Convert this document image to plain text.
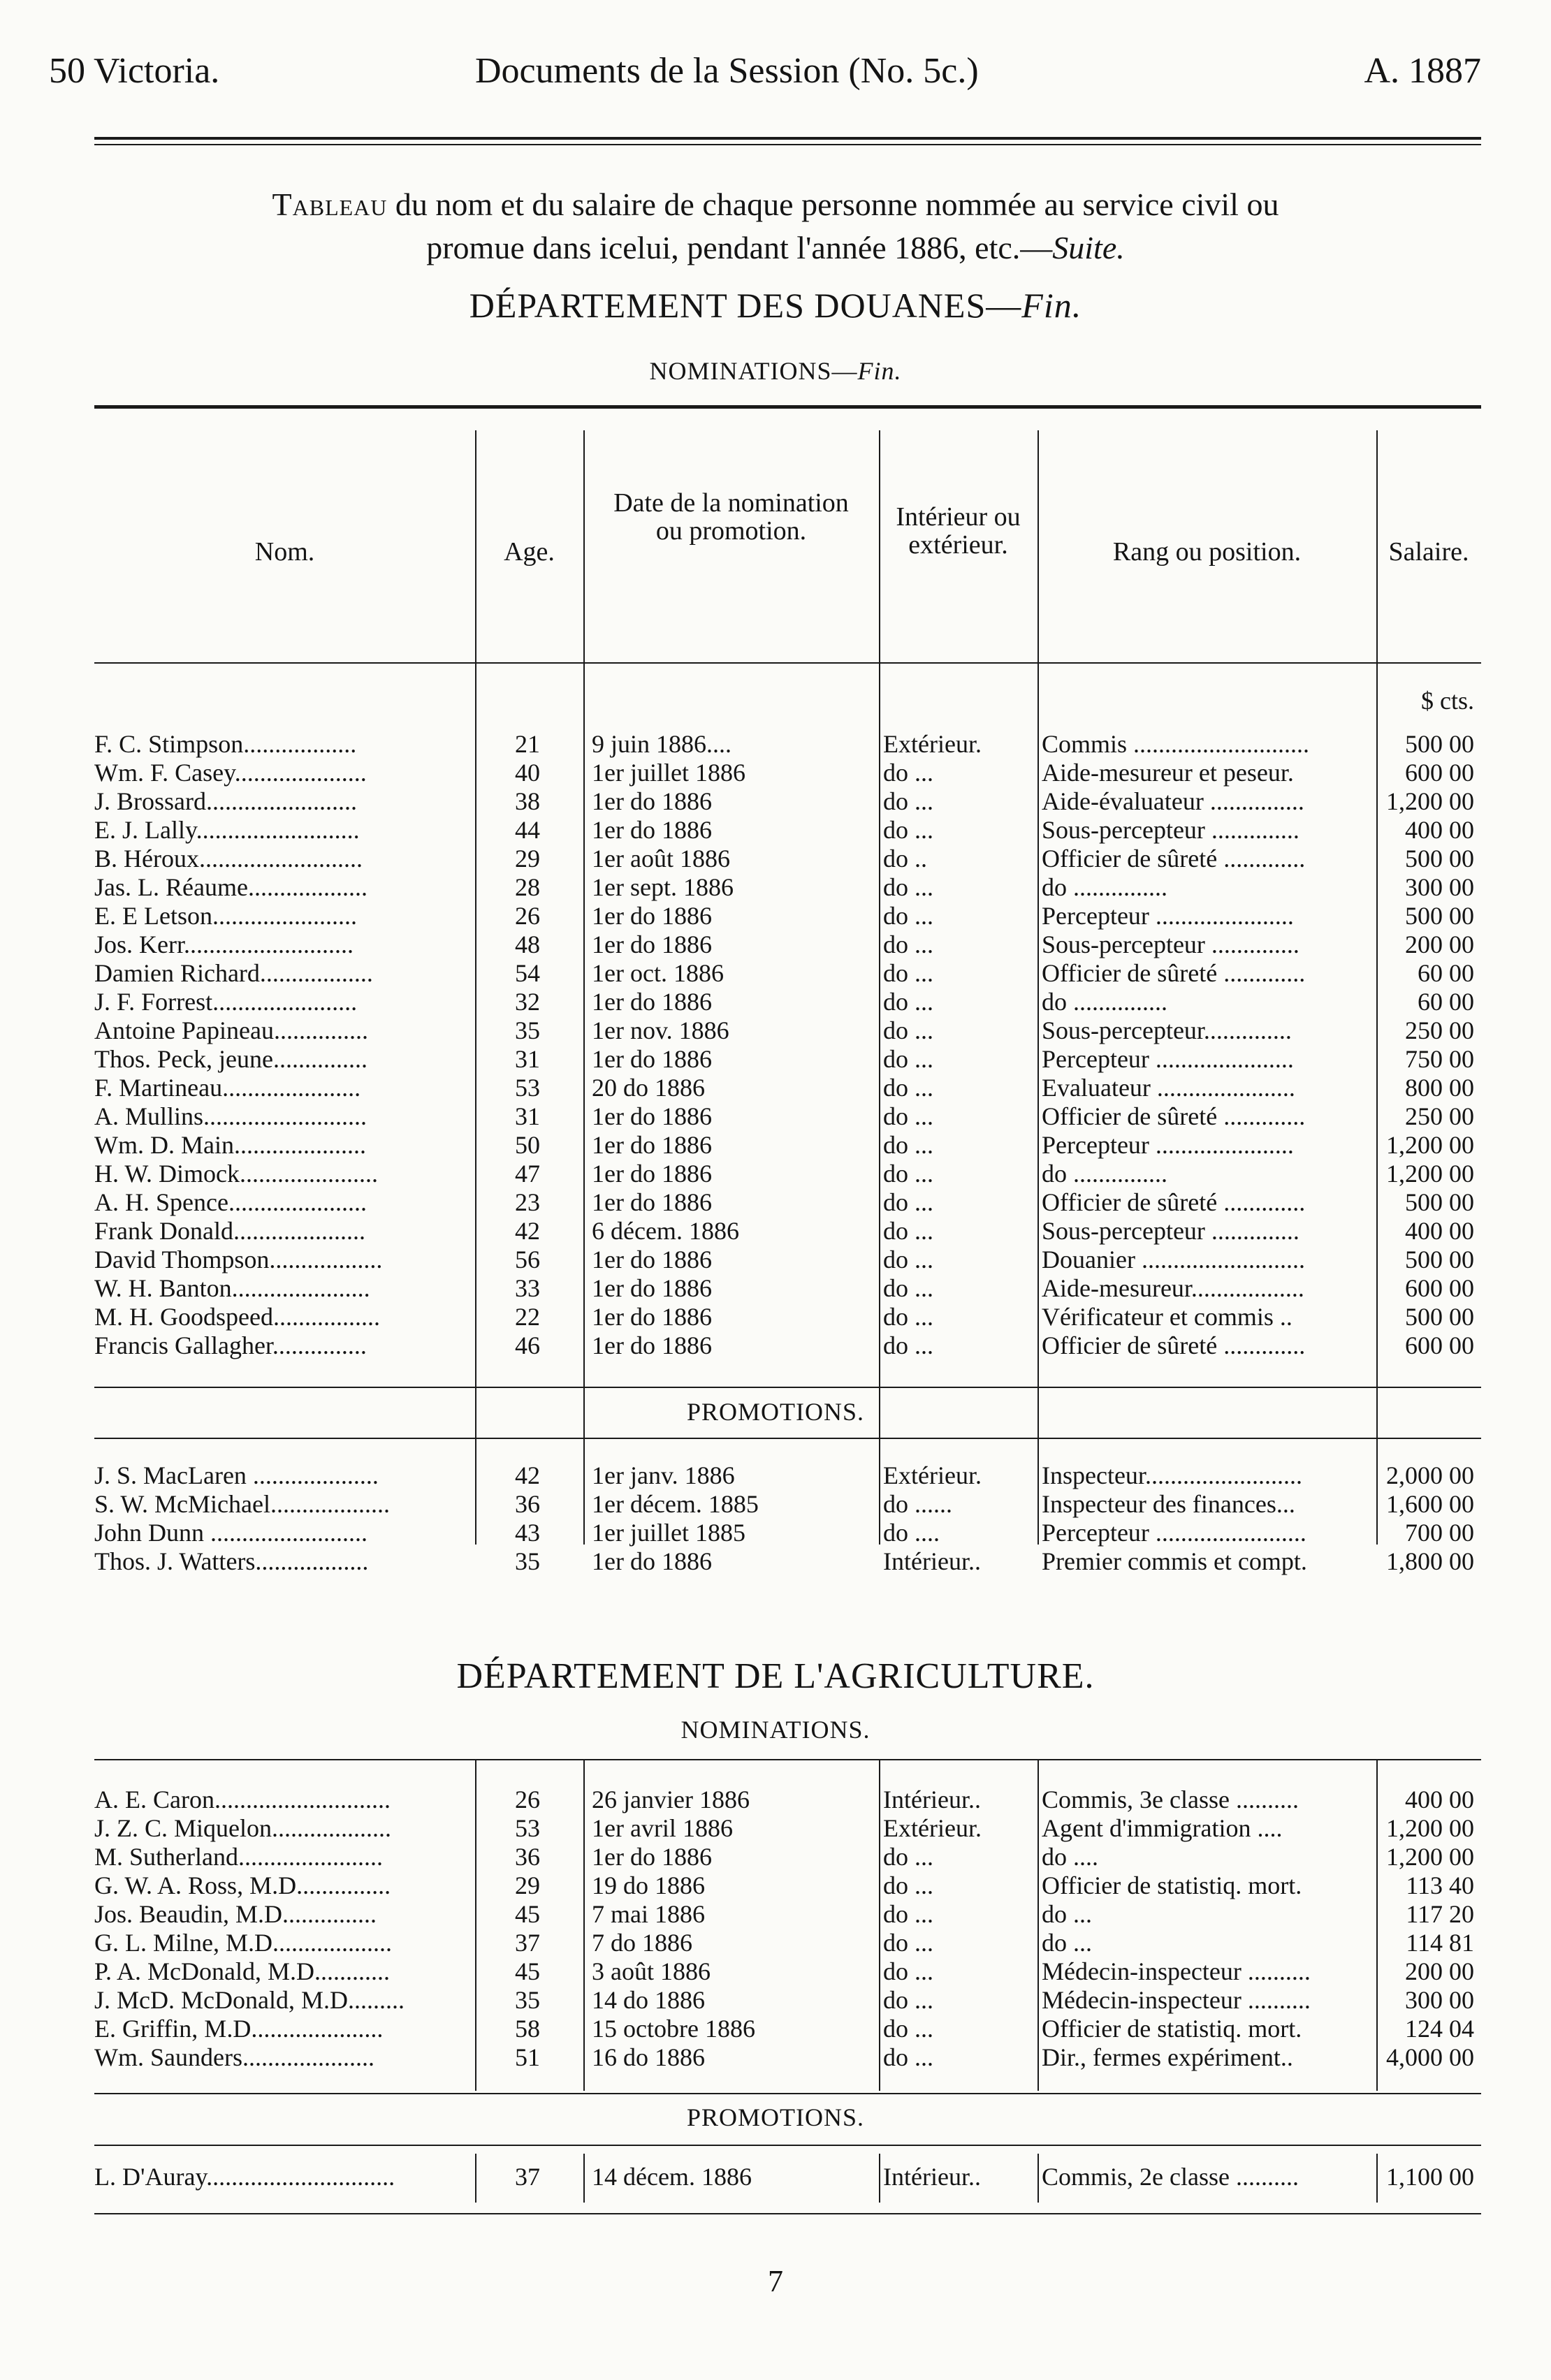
50 Victoria.	Documents de la Session (No. 5c.)	A. 1887
Tableau du nom et du salaire de chaque personne nommée au service civil ou
promue dans icelui, pendant l'année 1886, etc.—Suite.
DÉPARTEMENT DES DOUANES—Fin.
NOMINATIONS—Fin.
Nom.	Age.
Date de la nomination ou promotion.	Intérieur ou extérieur.	Rang ou position.	Salaire.
$ cts.
F. C. Stimpson..................	21	9 juin 1886....	Extérieur.	Commis ............................	500 00
Wm. F. Casey.....................	40	1er juillet 1886	do ...	Aide-mesureur et peseur.	600 00
J. Brossard........................	38	1er do 1886	do ...	Aide-évaluateur ...............	1,200 00
E. J. Lally..........................	44	1er do 1886	do ...	Sous-percepteur ..............	400 00
B. Héroux..........................	29	1er août 1886	do ..	Officier de sûreté .............	500 00
Jas. L. Réaume...................	28	1er sept. 1886	do ...	do ...............	300 00
E. E Letson.......................	26	1er do 1886	do ...	Percepteur ......................	500 00
Jos. Kerr...........................	48	1er do 1886	do ...	Sous-percepteur ..............	200 00
Damien Richard..................	54	1er oct. 1886	do ...	Officier de sûreté .............	60 00
J. F. Forrest.......................	32	1er do 1886	do ...	do ...............	60 00
Antoine Papineau...............	35	1er nov. 1886	do ...	Sous-percepteur..............	250 00
Thos. Peck, jeune...............	31	1er do 1886	do ...	Percepteur ......................	750 00
F. Martineau......................	53	20 do 1886	do ...	Evaluateur ......................	800 00
A. Mullins..........................	31	1er do 1886	do ...	Officier de sûreté .............	250 00
Wm. D. Main.....................	50	1er do 1886	do ...	Percepteur ......................	1,200 00
H. W. Dimock......................	47	1er do 1886	do ...	do ...............	1,200 00
A. H. Spence......................	23	1er do 1886	do ...	Officier de sûreté .............	500 00
Frank Donald.....................	42	6 décem. 1886	do ...	Sous-percepteur ..............	400 00
David Thompson..................	56	1er do 1886	do ...	Douanier ..........................	500 00
W. H. Banton......................	33	1er do 1886	do ...	Aide-mesureur..................	600 00
M. H. Goodspeed.................	22	1er do 1886	do ...	Vérificateur et commis ..	500 00
Francis Gallagher...............	46	1er do 1886	do ...	Officier de sûreté .............	600 00
PROMOTIONS.
J. S. MacLaren ....................	42	1er janv. 1886	Extérieur.	Inspecteur.........................	2,000 00
S. W. McMichael...................	36	1er décem. 1885	do ......	Inspecteur des finances...	1,600 00
John Dunn .........................	43	1er juillet 1885	do ....	Percepteur ........................	700 00
Thos. J. Watters..................	35	1er do 1886	Intérieur..	Premier commis et compt.	1,800 00
DÉPARTEMENT DE L'AGRICULTURE.
NOMINATIONS.
A. E. Caron............................	26	26 janvier 1886	Intérieur..	Commis, 3e classe ..........	400 00
J. Z. C. Miquelon...................	53	1er avril 1886	Extérieur.	Agent d'immigration ....	1,200 00
M. Sutherland.......................	36	1er do 1886	do ...	do ....	1,200 00
G. W. A. Ross, M.D...............	29	19 do 1886	do ...	Officier de statistiq. mort.	113 40
Jos. Beaudin, M.D...............	45	7 mai 1886	do ...	do ...	117 20
G. L. Milne, M.D...................	37	7 do 1886	do ...	do ...	114 81
P. A. McDonald, M.D............	45	3 août 1886	do ...	Médecin-inspecteur ..........	200 00
J. McD. McDonald, M.D.........	35	14 do 1886	do ...	Médecin-inspecteur ..........	300 00
E. Griffin, M.D.....................	58	15 octobre 1886	do ...	Officier de statistiq. mort.	124 04
Wm. Saunders.....................	51	16 do 1886	do ...	Dir., fermes expériment..	4,000 00
PROMOTIONS.
L. D'Auray..............................	37	14 décem. 1886	Intérieur..	Commis, 2e classe ..........	1,100 00
7
